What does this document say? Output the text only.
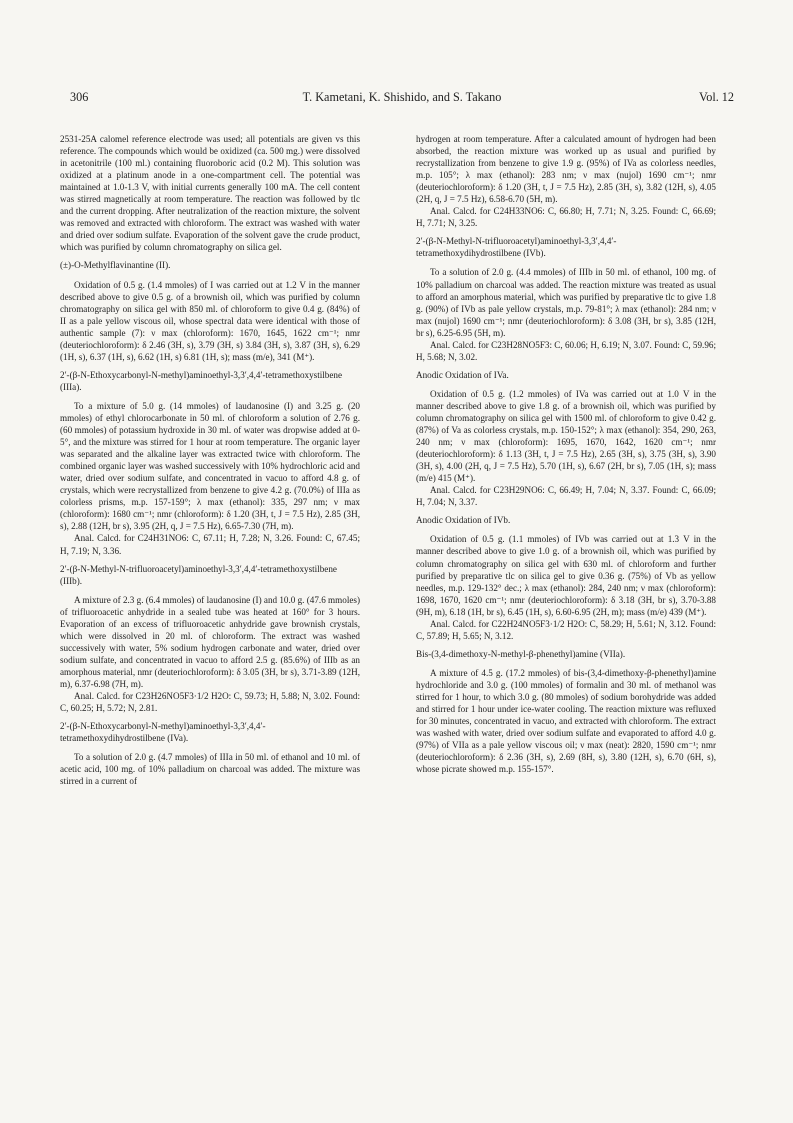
306	T. Kametani, K. Shishido, and S. Takano	Vol. 12

2531-25A calomel reference electrode was used; all potentials are given vs this reference. The compounds which would be oxidized (ca. 500 mg.) were dissolved in acetonitrile (100 ml.) containing fluoroboric acid (0.2 M). This solution was oxidized at a platinum anode in a one-compartment cell. The potential was maintained at 1.0-1.3 V, with initial currents generally 100 mA. The cell content was stirred magnetically at room temperature. The reaction was followed by tlc and the current dropping. After neutralization of the reaction mixture, the solvent was removed and extracted with chloroform. The extract was washed with water and dried over sodium sulfate. Evaporation of the solvent gave the crude product, which was purified by column chromatography on silica gel.

(±)-O-Methylflavinantine (II).

Oxidation of 0.5 g. (1.4 mmoles) of I was carried out at 1.2 V in the manner described above to give 0.5 g. of a brownish oil, which was purified by column chromatography on silica gel with 850 ml. of chloroform to give 0.4 g. (84%) of II as a pale yellow viscous oil, whose spectral data were identical with those of authentic sample (7): ν max (chloroform): 1670, 1645, 1622 cm⁻¹; nmr (deuteriochloroform): δ 2.46 (3H, s), 3.79 (3H, s) 3.84 (3H, s), 3.87 (3H, s), 6.29 (1H, s), 6.37 (1H, s), 6.62 (1H, s) 6.81 (1H, s); mass (m/e), 341 (M⁺).

2′-(β-N-Ethoxycarbonyl-N-methyl)aminoethyl-3,3′,4,4′-tetramethoxystilbene (IIIa).

To a mixture of 5.0 g. (14 mmoles) of laudanosine (I) and 3.25 g. (20 mmoles) of ethyl chlorocarbonate in 50 ml. of chloroform a solution of 2.76 g. (60 mmoles) of potassium hydroxide in 30 ml. of water was dropwise added at 0-5°, and the mixture was stirred for 1 hour at room temperature. The organic layer was separated and the alkaline layer was extracted twice with chloroform. The combined organic layer was washed successively with 10% hydrochloric acid and water, dried over sodium sulfate, and concentrated in vacuo to afford 4.8 g. of crystals, which were recrystallized from benzene to give 4.2 g. (70.0%) of IIIa as colorless prisms, m.p. 157-159°; λ max (ethanol): 335, 297 nm; ν max (chloroform): 1680 cm⁻¹; nmr (chloroform): δ 1.20 (3H, t, J = 7.5 Hz), 2.85 (3H, s), 2.88 (12H, br s), 3.95 (2H, q, J = 7.5 Hz), 6.65-7.30 (7H, m).

Anal. Calcd. for C24H31NO6: C, 67.11; H, 7.28; N, 3.26. Found: C, 67.45; H, 7.19; N, 3.36.

2′-(β-N-Methyl-N-trifluoroacetyl)aminoethyl-3,3′,4,4′-tetramethoxystilbene (IIIb).

A mixture of 2.3 g. (6.4 mmoles) of laudanosine (I) and 10.0 g. (47.6 mmoles) of trifluoroacetic anhydride in a sealed tube was heated at 160° for 3 hours. Evaporation of an excess of trifluoroacetic anhydride gave brownish crystals, which were dissolved in 20 ml. of chloroform. The extract was washed successively with water, 5% sodium hydrogen carbonate and water, dried over sodium sulfate, and concentrated in vacuo to afford 2.5 g. (85.6%) of IIIb as an amorphous material, nmr (deuteriochloroform): δ 3.05 (3H, br s), 3.71-3.89 (12H, m), 6.37-6.98 (7H, m).

Anal. Calcd. for C23H26NO5F3·1/2 H2O: C, 59.73; H, 5.88; N, 3.02. Found: C, 60.25; H, 5.72; N, 2.81.

2′-(β-N-Ethoxycarbonyl-N-methyl)aminoethyl-3,3′,4,4′-tetramethoxydihydrostilbene (IVa).

To a solution of 2.0 g. (4.7 mmoles) of IIIa in 50 ml. of ethanol and 10 ml. of acetic acid, 100 mg. of 10% palladium on charcoal was added. The mixture was stirred in a current of

hydrogen at room temperature. After a calculated amount of hydrogen had been absorbed, the reaction mixture was worked up as usual and purified by recrystallization from benzene to give 1.9 g. (95%) of IVa as colorless needles, m.p. 105°; λ max (ethanol): 283 nm; ν max (nujol) 1690 cm⁻¹; nmr (deuteriochloroform): δ 1.20 (3H, t, J = 7.5 Hz), 2.85 (3H, s), 3.82 (12H, s), 4.05 (2H, q, J = 7.5 Hz), 6.58-6.70 (5H, m).

Anal. Calcd. for C24H33NO6: C, 66.80; H, 7.71; N, 3.25. Found: C, 66.69; H, 7.71; N, 3.25.

2′-(β-N-Methyl-N-trifluoroacetyl)aminoethyl-3,3′,4,4′-tetramethoxydihydrostilbene (IVb).

To a solution of 2.0 g. (4.4 mmoles) of IIIb in 50 ml. of ethanol, 100 mg. of 10% palladium on charcoal was added. The reaction mixture was treated as usual to afford an amorphous material, which was purified by preparative tlc to give 1.8 g. (90%) of IVb as pale yellow crystals, m.p. 79-81°; λ max (ethanol): 284 nm; ν max (nujol) 1690 cm⁻¹; nmr (deuteriochloroform): δ 3.08 (3H, br s), 3.85 (12H, br s), 6.25-6.95 (5H, m).

Anal. Calcd. for C23H28NO5F3: C, 60.06; H, 6.19; N, 3.07. Found: C, 59.96; H, 5.68; N, 3.02.

Anodic Oxidation of IVa.

Oxidation of 0.5 g. (1.2 mmoles) of IVa was carried out at 1.0 V in the manner described above to give 1.8 g. of a brownish oil, which was purified by column chromatography on silica gel with 1500 ml. of chloroform to give 0.42 g. (87%) of Va as colorless crystals, m.p. 150-152°; λ max (ethanol): 354, 290, 263, 240 nm; ν max (chloroform): 1695, 1670, 1642, 1620 cm⁻¹; nmr (deuteriochloroform): δ 1.13 (3H, t, J = 7.5 Hz), 2.65 (3H, s), 3.75 (3H, s), 3.90 (3H, s), 4.00 (2H, q, J = 7.5 Hz), 5.70 (1H, s), 6.67 (2H, br s), 7.05 (1H, s); mass (m/e) 415 (M⁺).

Anal. Calcd. for C23H29NO6: C, 66.49; H, 7.04; N, 3.37. Found: C, 66.09; H, 7.04; N, 3.37.

Anodic Oxidation of IVb.

Oxidation of 0.5 g. (1.1 mmoles) of IVb was carried out at 1.3 V in the manner described above to give 1.0 g. of a brownish oil, which was purified by column chromatography on silica gel with 630 ml. of chloroform and further purified by preparative tlc on silica gel to give 0.36 g. (75%) of Vb as yellow needles, m.p. 129-132° dec.; λ max (ethanol): 284, 240 nm; ν max (chloroform): 1698, 1670, 1620 cm⁻¹; nmr (deuteriochloroform): δ 3.18 (3H, br s), 3.70-3.88 (9H, m), 6.18 (1H, br s), 6.45 (1H, s), 6.60-6.95 (2H, m); mass (m/e) 439 (M⁺).

Anal. Calcd. for C22H24NO5F3·1/2 H2O: C, 58.29; H, 5.61; N, 3.12. Found: C, 57.89; H, 5.65; N, 3.12.

Bis-(3,4-dimethoxy-N-methyl-β-phenethyl)amine (VIIa).

A mixture of 4.5 g. (17.2 mmoles) of bis-(3,4-dimethoxy-β-phenethyl)amine hydrochloride and 3.0 g. (100 mmoles) of formalin and 30 ml. of methanol was stirred for 1 hour, to which 3.0 g. (80 mmoles) of sodium borohydride was added and stirred for 1 hour under ice-water cooling. The reaction mixture was refluxed for 30 minutes, concentrated in vacuo, and extracted with chloroform. The extract was washed with water, dried over sodium sulfate and evaporated to afford 4.0 g. (97%) of VIIa as a pale yellow viscous oil; ν max (neat): 2820, 1590 cm⁻¹; nmr (deuteriochloroform): δ 2.36 (3H, s), 2.69 (8H, s), 3.80 (12H, s), 6.70 (6H, s), whose picrate showed m.p. 155-157°.
